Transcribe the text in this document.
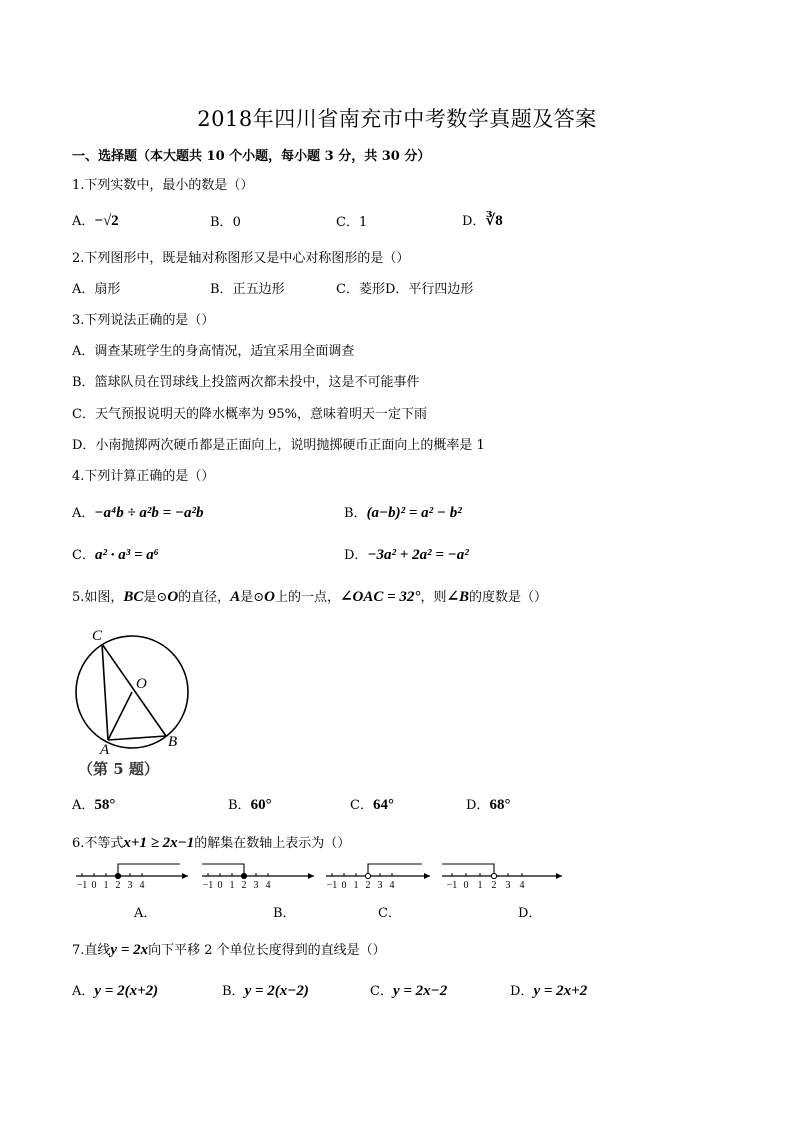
2018年四川省南充市中考数学真题及答案
一、选择题（本大题共 10 个小题，每小题 3 分，共 30 分）
1.下列实数中，最小的数是（）
A．−√2	B．0	C．1	D．∛8
2.下列图形中，既是轴对称图形又是中心对称图形的是（）
A．扇形	B．正五边形	C．菱形D．平行四边形
3.下列说法正确的是（）
A．调查某班学生的身高情况，适宜采用全面调查
B．篮球队员在罚球线上投篮两次都未投中，这是不可能事件
C．天气预报说明天的降水概率为 95%，意味着明天一定下雨
D．小南抛掷两次硬币都是正面向上，说明抛掷硬币正面向上的概率是 1
4.下列计算正确的是（）
A．−a⁴b ÷ a²b = −a²b	B．(a−b)² = a² − b²
C．a² · a³ = a⁶	D．−3a² + 2a² = −a²
5.如图，BC是⊙O的直径，A是⊙O上的一点，∠OAC = 32°，则∠B的度数是（）
C
O
A	B
（第 5 题）
A．58°	B．60°	C．64°	D．68°
6.不等式x+1 ≥ 2x−1的解集在数轴上表示为（）
−1 0 1 2 3 4	−1 0 1 2 3 4	−1 0 1 2 3 4	−1 0 1 2 3 4
A．	B．	C．	D．
7.直线y = 2x向下平移 2 个单位长度得到的直线是（）
A．y = 2(x+2)	B．y = 2(x−2)	C．y = 2x−2	D．y = 2x+2
